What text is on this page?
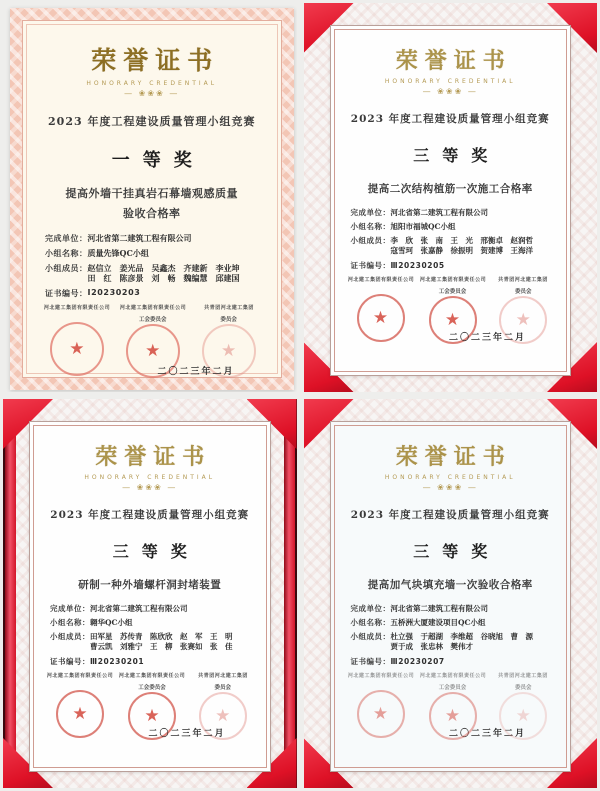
荣誉证书
HONORARY CREDENTIAL
— ❀❀❀ —
2023 年度工程建设质量管理小组竞赛
一等奖
提高外墙干挂真岩石幕墙观感质量
验收合格率
完成单位： 河北省第二建筑工程有限公司
小组名称： 质量先锋QC小组
小组成员： 赵信立　姜光品　吴鑫杰　齐建新　李业坤
田　红　陈彦景　刘　畅　魏编慧　邱建国
证书编号： Ⅰ20230203
河北建工集团有限责任公司
★
河北建工集团有限责任公司
工会委员会
★
共青团河北建工集团
委员会
★
二〇二三年二月
荣誉证书
HONORARY CREDENTIAL
— ❀❀❀ —
2023 年度工程建设质量管理小组竞赛
三等奖
提高二次结构植筋一次施工合格率
完成单位： 河北省第二建筑工程有限公司
小组名称： 旭阳市福城QC小组
小组成员： 李　欣　张　南　王　光　邢衡卓　赵润哲
寇雪珂　张嘉静　徐振明　贺建博　王海洋
证书编号： Ⅲ20230205
河北建工集团有限责任公司
★
河北建工集团有限责任公司
工会委员会
★
共青团河北建工集团
委员会
★
二〇二三年二月
荣誉证书
HONORARY CREDENTIAL
— ❀❀❀ —
2023 年度工程建设质量管理小组竞赛
三等奖
研制一种外墙螺杆洞封堵装置
完成单位： 河北省第二建筑工程有限公司
小组名称： 翱华QC小组
小组成员： 田军星　苏传青　陈欣欣　赵　军　王　明
曹云凯　刘雅宁　王　柳　张赛如　张　佳
证书编号： Ⅲ20230201
河北建工集团有限责任公司
★
河北建工集团有限责任公司
工会委员会
★
共青团河北建工集团
委员会
★
二〇二三年二月
荣誉证书
HONORARY CREDENTIAL
— ❀❀❀ —
2023 年度工程建设质量管理小组竞赛
三等奖
提高加气块填充墙一次验收合格率
完成单位： 河北省第二建筑工程有限公司
小组名称： 五桥洲大厦建设项目QC小组
小组成员： 杜立强　于超湖　李维超　谷晓旭　曹　源
贾于成　张忠林　樊伟才
证书编号： Ⅲ20230207
河北建工集团有限责任公司
★
河北建工集团有限责任公司
工会委员会
★
共青团河北建工集团
委员会
★
二〇二三年二月
